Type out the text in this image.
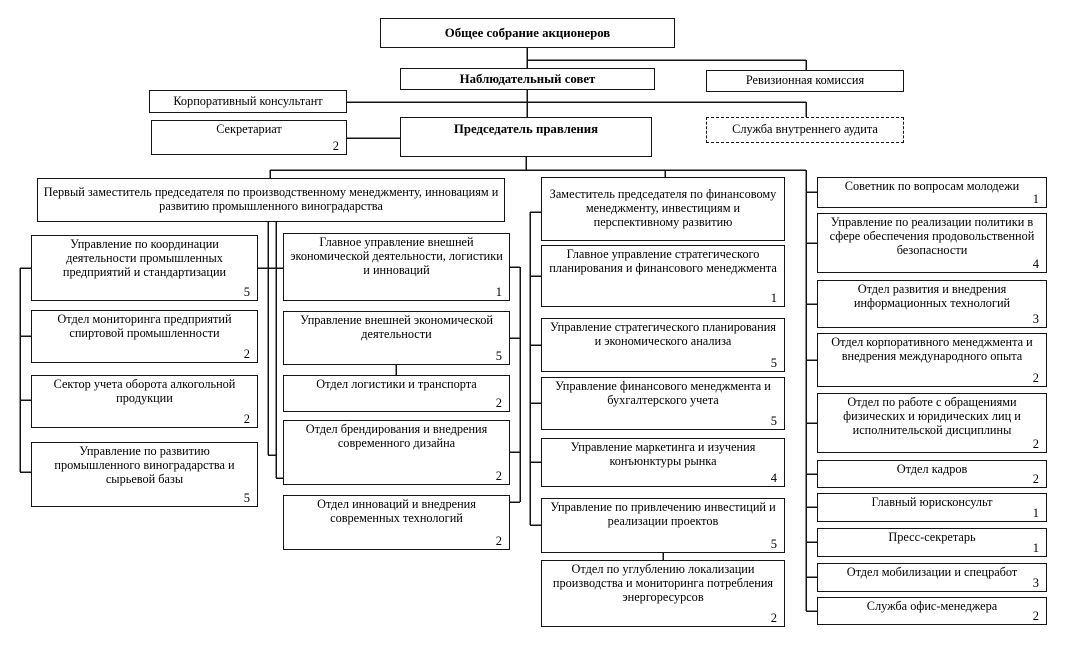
Общее собрание акционеров
Наблюдательный совет	Ревизионная комиссия
Корпоративный консультант
Секретариат
2
Председатель правления	Служба внутреннего аудита
Первый заместитель председателя по производственному менеджменту, инновациям и развитию промышленного виноградарства
Управление по координации деятельности промышленных предприятий и стандартизации
5
Отдел мониторинга предприятий спиртовой промышленности
2
Сектор учета оборота алкогольной продукции
2
Управление по развитию промышленного виноградарства и сырьевой базы
5
Главное управление внешней экономической деятельности, логистики и инноваций
1
Управление внешней экономической деятельности
5
Отдел логистики и транспорта
2
Отдел брендирования и внедрения современного дизайна
2
Отдел инноваций и внедрения современных технологий
2
Заместитель председателя по финансовому менеджменту, инвестициям и перспективному развитию
Главное управление стратегического планирования и финансового менеджмента
1
Управление стратегического планирования и экономического анализа
5
Управление финансового менеджмента и бухгалтерского учета
5
Управление маркетинга и изучения конъюнктуры рынка
4
Управление по привлечению инвестиций и реализации проектов
5
Отдел по углублению локализации производства и мониторинга потребления энергоресурсов
2
Советник по вопросам молодежи
1
Управление по реализации политики в сфере обеспечения продовольственной безопасности
4
Отдел развития и внедрения информационных технологий
3
Отдел корпоративного менеджмента и внедрения международного опыта
2
Отдел по работе с обращениями физических и юридических лиц и исполнительской дисциплины
2
Отдел кадров
2
Главный юрисконсульт
1
Пресс-секретарь
1
Отдел мобилизации и спецработ
3
Служба офис-менеджера
2
